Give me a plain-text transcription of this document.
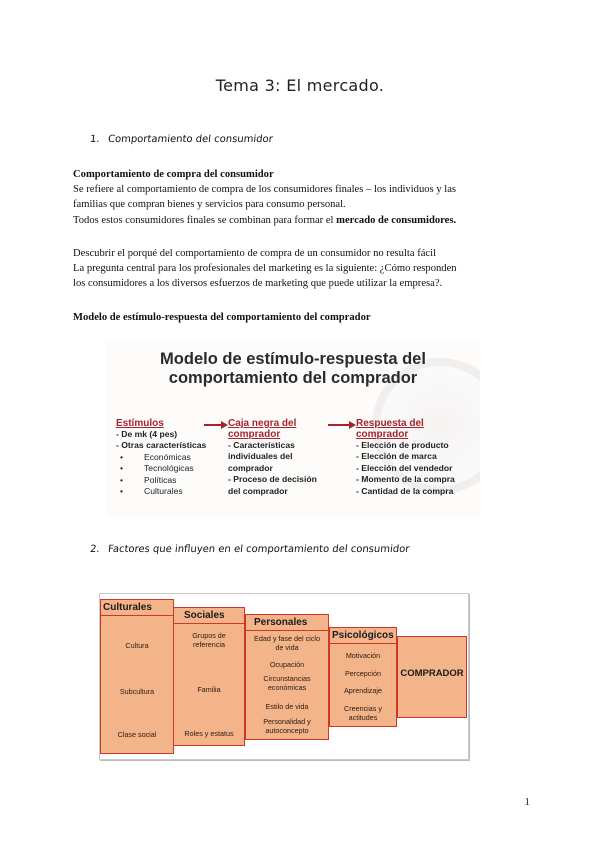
Tema 3: El mercado.
1. Comportamiento del consumidor

Comportamiento de compra del consumidor
Se refiere al comportamiento de compra de los consumidores finales – los individuos y las
familias que compran bienes y servicios para consumo personal.
Todos estos consumidores finales se combinan para formar el mercado de consumidores.

Descubrir el porqué del comportamiento de compra de un consumidor no resulta fácil
La pregunta central para los profesionales del marketing es la siguiente: ¿Cómo responden
los consumidores a los diversos esfuerzos de marketing que puede utilizar la empresa?.

Modelo de estímulo-respuesta del comportamiento del comprador

Modelo de estímulo-respuesta del
comportamiento del comprador
Estímulos
- De mk (4 pes)
- Otras características
• Económicas
• Tecnológicas
• Políticas
• Culturales
Caja negra del
comprador
- Características
individuales del
comprador
- Proceso de decisión
del comprador
Respuesta del
comprador
- Elección de producto
- Elección de marca
- Elección del vendedor
- Momento de la compra
- Cantidad de la compra
2. Factores que influyen en el comportamiento del consumidor
Culturales
Cultura
Subcultura
Clase social
Sociales
Grupos de referencia
Familia
Roles y estatus
Personales
Edad y fase del ciclo de vida
Ocupación
Circunstancias económicas
Estilo de vida
Personalidad y autoconcepto
Psicológicos
Motivación
Percepción
Aprendizaje
Creencias y actitudes
COMPRADOR
1
